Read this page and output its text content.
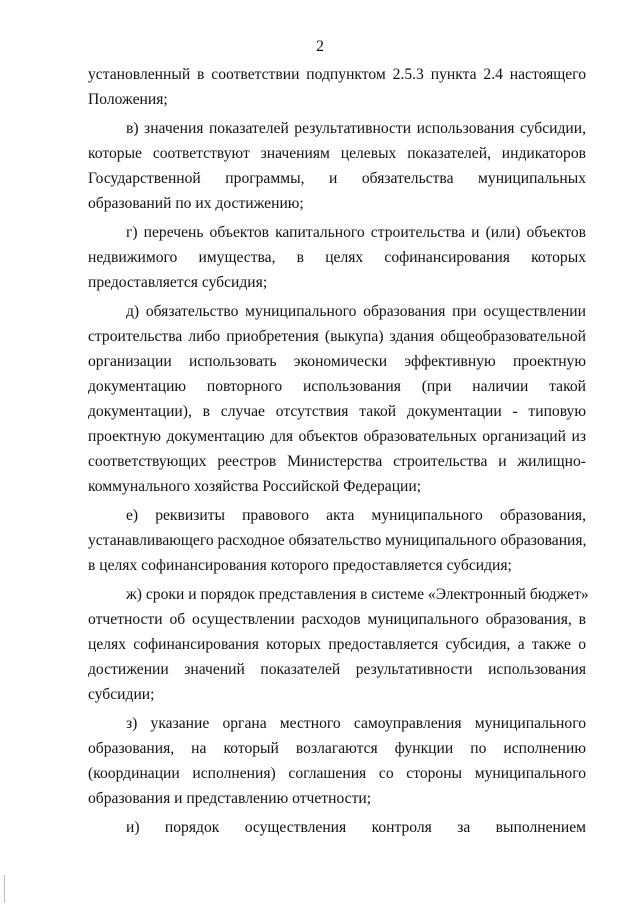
2
установленный в соответствии подпунктом 2.5.3 пункта 2.4 настоящего
Положения;
в) значения показателей результативности использования субсидии,
которые соответствуют значениям целевых показателей, индикаторов
Государственной программы, и обязательства муниципальных
образований по их достижению;
г) перечень объектов капитального строительства и (или) объектов
недвижимого имущества, в целях софинансирования которых
предоставляется субсидия;
д) обязательство муниципального образования при осуществлении
строительства либо приобретения (выкупа) здания общеобразовательной
организации использовать экономически эффективную проектную
документацию повторного использования (при наличии такой
документации), в случае отсутствия такой документации - типовую
проектную документацию для объектов образовательных организаций из
соответствующих реестров Министерства строительства и жилищно-
коммунального хозяйства Российской Федерации;
е) реквизиты правового акта муниципального образования,
устанавливающего расходное обязательство муниципального образования,
в целях софинансирования которого предоставляется субсидия;
ж) сроки и порядок представления в системе «Электронный бюджет»
отчетности об осуществлении расходов муниципального образования, в
целях софинансирования которых предоставляется субсидия, а также о
достижении значений показателей результативности использования
субсидии;
з) указание органа местного самоуправления муниципального
образования, на который возлагаются функции по исполнению
(координации исполнения) соглашения со стороны муниципального
образования и представлению отчетности;
и) порядок осуществления контроля за выполнением
